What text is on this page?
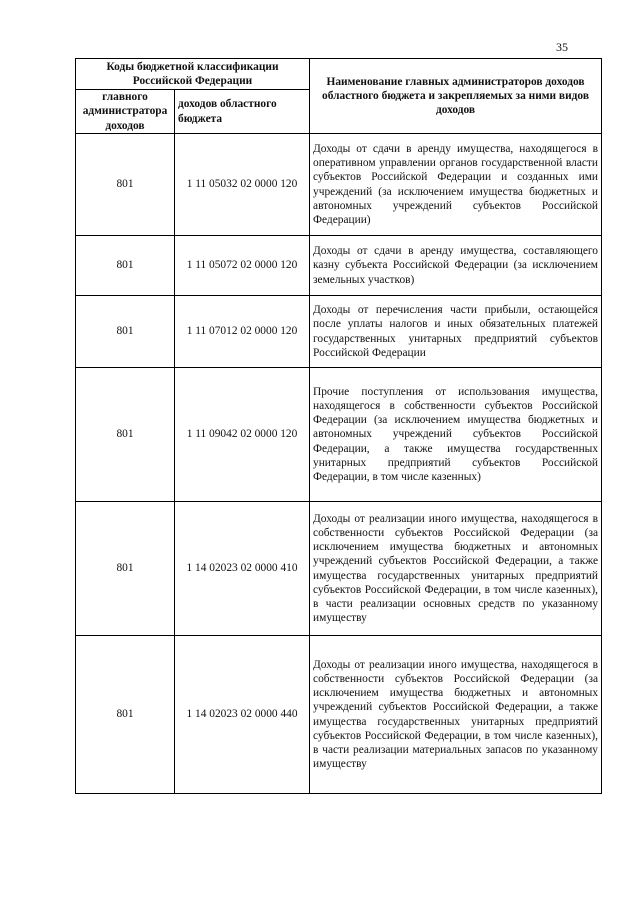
35
Коды бюджетной классификации Российской Федерации		Наименование главных администраторов доходов областного бюджета и закрепляемых за ними видов доходов
главного администратора доходов	доходов областного бюджета	
801	1 11 05032 02 0000 120	Доходы от сдачи в аренду имущества, находящегося в оперативном управлении органов государственной власти субъектов Российской Федерации и созданных ими учреждений (за исключением имущества бюджетных и автономных учреждений субъектов Российской Федерации)
801	1 11 05072 02 0000 120	Доходы от сдачи в аренду имущества, составляющего казну субъекта Российской Федерации (за исключением земельных участков)
801	1 11 07012 02 0000 120	Доходы от перечисления части прибыли, остающейся после уплаты налогов и иных обязательных платежей государственных унитарных предприятий субъектов Российской Федерации
801	1 11 09042 02 0000 120	Прочие поступления от использования имущества, находящегося в собственности субъектов Российской Федерации (за исключением имущества бюджетных и автономных учреждений субъектов Российской Федерации, а также имущества государственных унитарных предприятий субъектов Российской Федерации, в том числе казенных)
801	1 14 02023 02 0000 410	Доходы от реализации иного имущества, находящегося в собственности субъектов Российской Федерации (за исключением имущества бюджетных и автономных учреждений субъектов Российской Федерации, а также имущества государственных унитарных предприятий субъектов Российской Федерации, в том числе казенных), в части реализации основных средств по указанному имуществу
801	1 14 02023 02 0000 440	Доходы от реализации иного имущества, находящегося в собственности субъектов Российской Федерации (за исключением имущества бюджетных и автономных учреждений субъектов Российской Федерации, а также имущества государственных унитарных предприятий субъектов Российской Федерации, в том числе казенных), в части реализации материальных запасов по указанному имуществу
